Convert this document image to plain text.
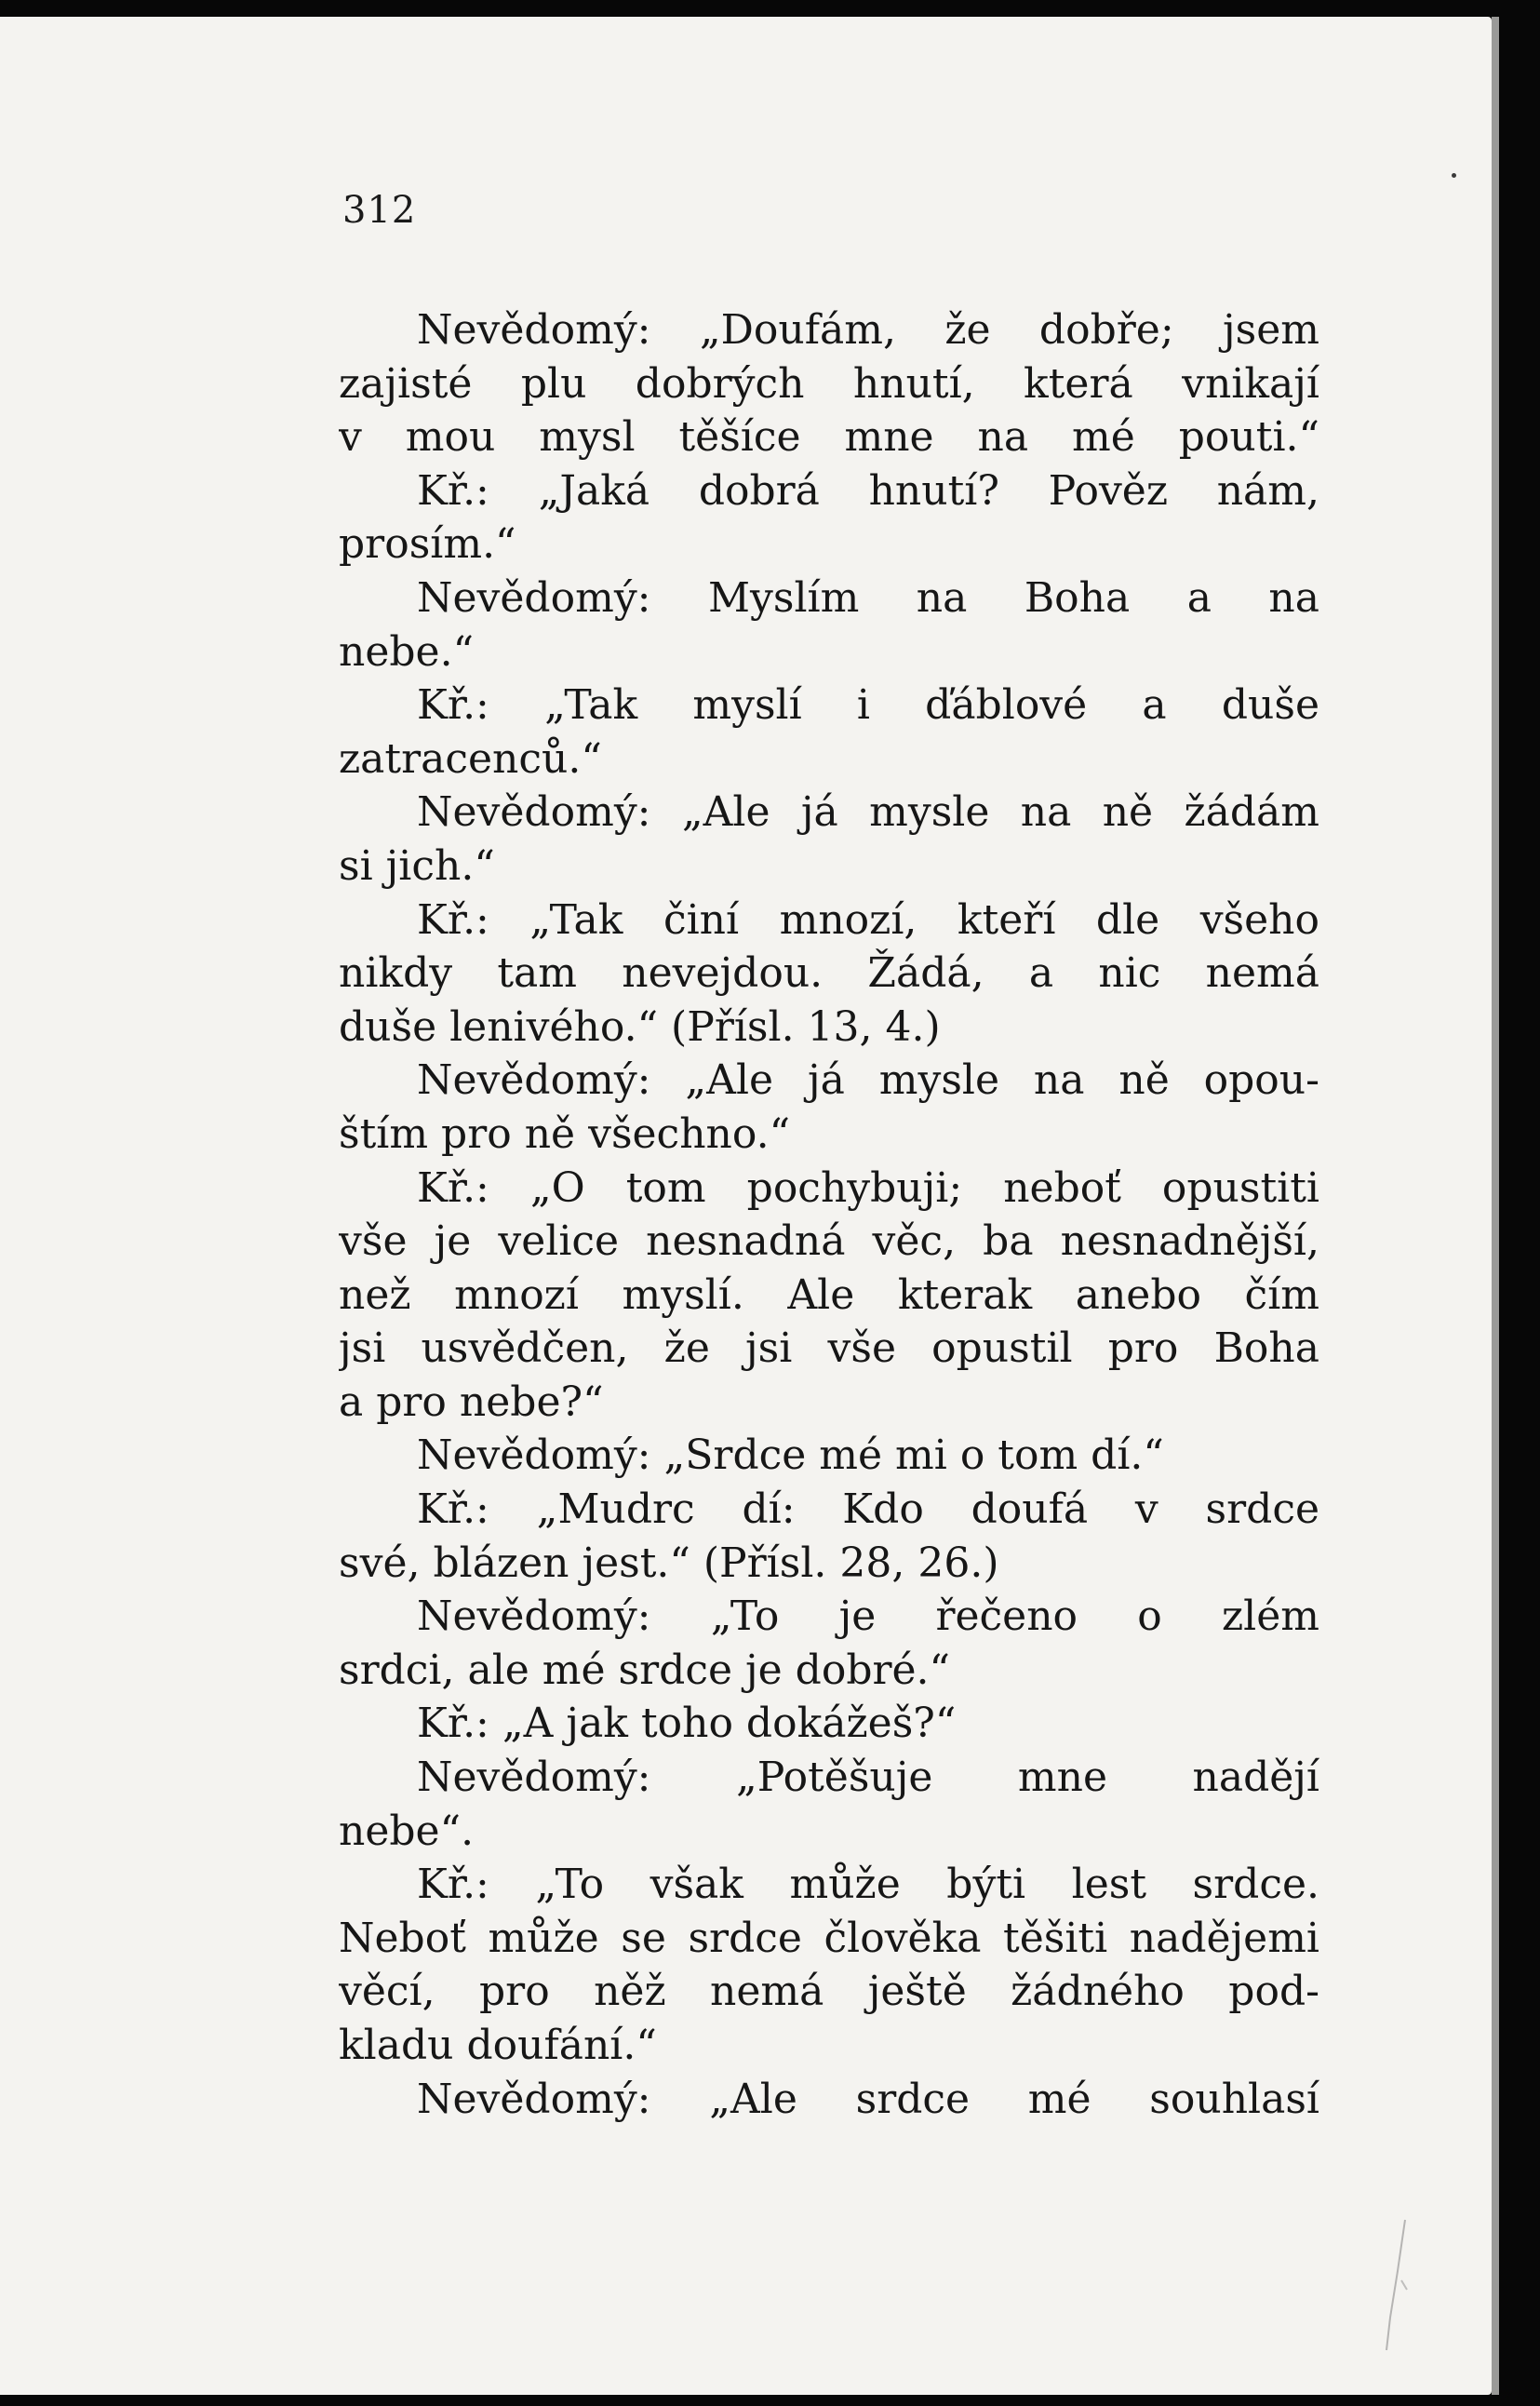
312
Nevědomý: „Doufám, že dobře; jsem
zajisté plu dobrých hnutí, která vnikají
v mou mysl těšíce mne na mé pouti.“
Kř.: „Jaká dobrá hnutí? Pověz nám,
prosím.“
Nevědomý: Myslím na Boha a na
nebe.“
Kř.: „Tak myslí i ďáblové a duše
zatracenců.“
Nevědomý: „Ale já mysle na ně žádám
si jich.“
Kř.: „Tak činí mnozí, kteří dle všeho
nikdy tam nevejdou. Žádá, a nic nemá
duše lenivého.“ (Přísl. 13, 4.)
Nevědomý: „Ale já mysle na ně opou-
štím pro ně všechno.“
Kř.: „O tom pochybuji; neboť opustiti
vše je velice nesnadná věc, ba nesnadnější,
než mnozí myslí. Ale kterak anebo čím
jsi usvědčen, že jsi vše opustil pro Boha
a pro nebe?“
Nevědomý: „Srdce mé mi o tom dí.“
Kř.: „Mudrc dí: Kdo doufá v srdce
své, blázen jest.“ (Přísl. 28, 26.)
Nevědomý: „To je řečeno o zlém
srdci, ale mé srdce je dobré.“
Kř.: „A jak toho dokážeš?“
Nevědomý: „Potěšuje mne nadějí
nebe“.
Kř.: „To však může býti lest srdce.
Neboť může se srdce člověka těšiti nadějemi
věcí, pro něž nemá ještě žádného pod-
kladu doufání.“
Nevědomý: „Ale srdce mé souhlasí
